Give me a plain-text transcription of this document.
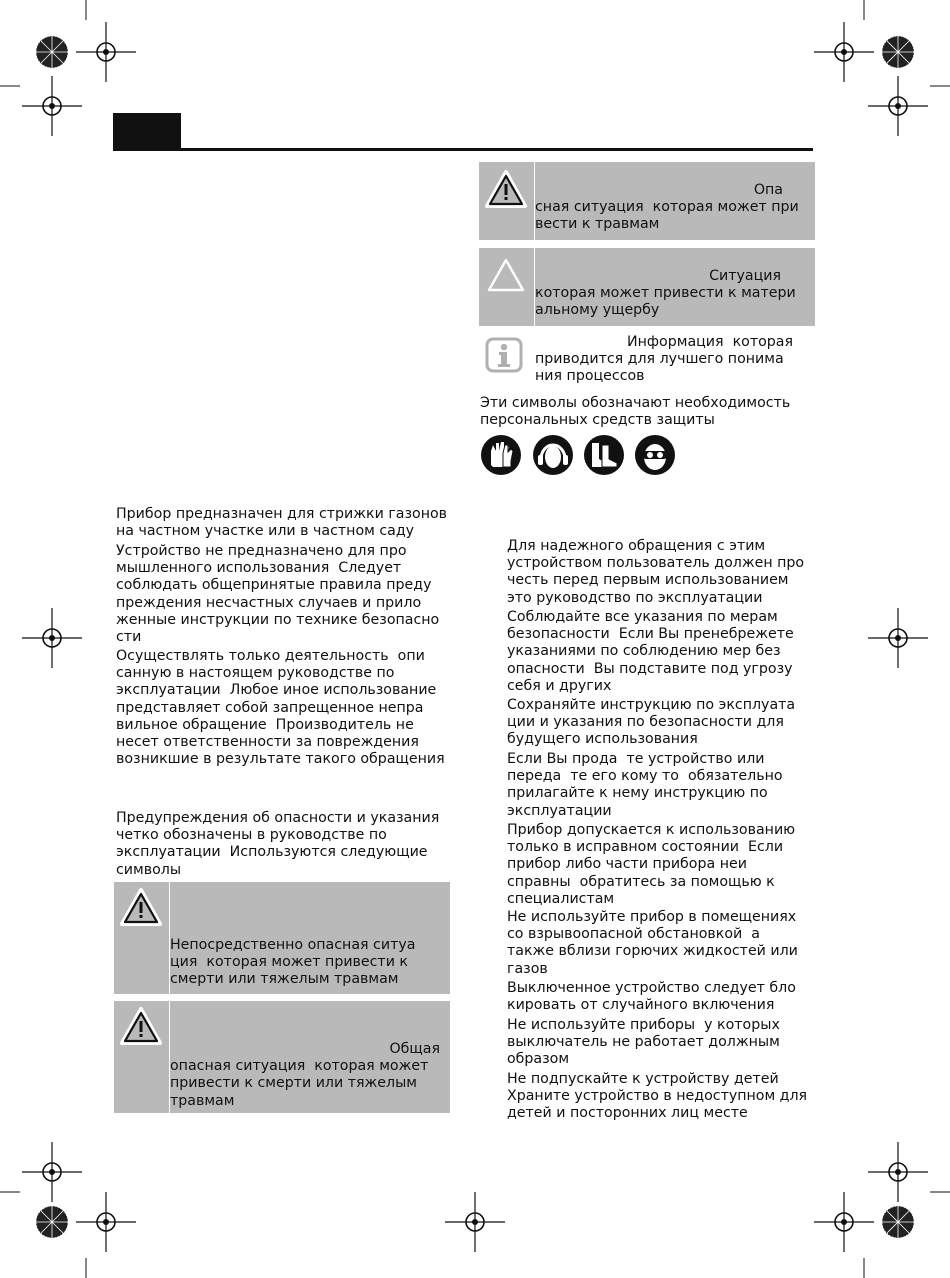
Опа
сная ситуация  которая может при
вести к травмам
Ситуация
которая может привести к матери
альному ущербу
Информация  которая
приводится для лучшего понима
ния процессов
Эти символы обозначают необходимость
персональных средств защиты
Прибор предназначен для стрижки газонов
на частном участке или в частном саду
Устройство не предназначено для про
мышленного использования  Следует
соблюдать общепринятые правила преду
преждения несчастных случаев и прило
женные инструкции по технике безопасно
сти
Осуществлять только деятельность  опи
санную в настоящем руководстве по
эксплуатации  Любое иное использование
представляет собой запрещенное непра
вильное обращение  Производитель не
несет ответственности за повреждения
возникшие в результате такого обращения
Предупреждения об опасности и указания
четко обозначены в руководстве по
эксплуатации  Используются следующие
символы
Непосредственно опасная ситуа
ция  которая может привести к
смерти или тяжелым травмам
Общая
опасная ситуация  которая может
привести к смерти или тяжелым
травмам
Для надежного обращения с этим
устройством пользователь должен про
честь перед первым использованием
это руководство по эксплуатации
Соблюдайте все указания по мерам
безопасности  Если Вы пренебрежете
указаниями по соблюдению мер без
опасности  Вы подставите под угрозу
себя и других
Сохраняйте инструкцию по эксплуата
ции и указания по безопасности для
будущего использования
Если Вы прода  те устройство или
переда  те его кому то  обязательно
прилагайте к нему инструкцию по
эксплуатации
Прибор допускается к использованию
только в исправном состоянии  Если
прибор либо части прибора неи
справны  обратитесь за помощью к
специалистам
Не используйте прибор в помещениях
со взрывоопасной обстановкой  а
также вблизи горючих жидкостей или
газов
Выключенное устройство следует бло
кировать от случайного включения
Не используйте приборы  у которых
выключатель не работает должным
образом
Не подпускайте к устройству детей
Храните устройство в недоступном для
детей и посторонних лиц месте
